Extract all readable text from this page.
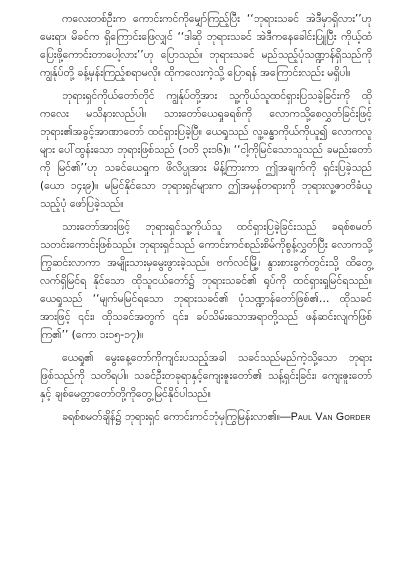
ကလေးတစ်ဦးက ကောင်းကင်ကိုမျှော်ကြည့်ပြီး ‘‘ဘုရားသခင် အဲဒီမှာရှိလား’’ဟု မေးရာ၊ မိခင်က ရှိကြောင်းဖြေလျှင် ‘‘ဒါဆို ဘုရားသခင် အဲဒီကနေခေါင်းပြူပြီး ကိုယ့်ထံပြေးဖို့ကောင်းတာပေါ့လား’’ဟု ပြောသည်။ ဘုရားသခင် မည်သည့်ပုံသဏ္ဍာန်ရှိသည်ကို ကျွန်ုပ်တို့ ခန့်မှန်းကြည့်စရာမလို။ ထိုကလေးကဲ့သို့ ပြောရန် အကြောင်းလည်း မရှိပါ။

ဘုရားရှင်ကိုယ်တော်တိုင် ကျွန်ုပ်တို့အား သူ့ကိုယ်သူထင်ရှားပြသခဲ့ခြင်းကို ထိုကလေး မသိနားလည်ပါ။ သားတော်ယေရှုခရစ်ကို လောကသို့စေလွှတ်ခြင်းဖြင့် ဘုရား၏အခွင့်အာဏာတော် ထင်ရှားပြခဲ့ပြီ။ ယေရှုသည် လူ့ခန္ဓာကိုယ်ကိုယူ၍ လောကလူများ ပေါ်ထွန်းသော ဘုရားဖြစ်သည် (၁တိ ၃း၁၆)။ ‘‘ငါ့ကိုမြင်သောသူသည် ခမည်းတော်ကို မြင်၏’’ဟု သခင်ယေရှုက ဖိလိပ္ပုအား မိန့်ကြားကာ ဤအချက်ကို ရှင်းပြခဲ့သည် (ယော ၁၄း၉)။ မမြင်နိုင်သော ဘုရားရှင်များက ဤအမှန်တရားကို ဘုရားလူ့ဇာတိခံယူသည့်ပုံ ဖော်ပြခဲ့သည်။

သားတော်အားဖြင့် ဘုရားရှင်သူ့ကိုယ်သူ ထင်ရှားပြခဲ့ခြင်းသည် ခရစ်စမတ်သတင်းကောင်းဖြစ်သည်။ ဘုရားရှင်သည် ကောင်းကင်စည်းစိမ်ကိုစွန့်လွှတ်ပြီး လောကသို့ကြွဆင်းလာကာ အမျိုးသားမှမွေးဖွားခဲ့သည်။ ဗက်လင်မြို့၊ နွားစားခွက်တွင်းသို့ ထိတွေ့လက်ရှိမြင်ရ နိုင်သော ထိုသူငယ်တော်၌ ဘုရားသခင်၏ ရုပ်ကို ထင်ရှားရှုမြင်ရသည်။ ယေရှုသည် ‘‘မျက်မမြင်ရသော ဘုရားသခင်၏ ပုံသဏ္ဍာန်တော်ဖြစ်၏… ထိုသခင်အားဖြင့် ၎င်း၊ ထိုသခင်အတွက် ၎င်း၊ ခပ်သိမ်းသောအရာတို့သည် ဖန်ဆင်းလျက်ဖြစ်ကြ၏’’ (ကော ၁း၁၅-၁၇)။

ယေရှု၏ မွေးနေ့တော်ကိုကျင်းပသည့်အခါ သခင်သည်မည်ကဲ့သို့သော ဘုရားဖြစ်သည်ကို သတိရပါ။ သခင်ဦးတခုရာနှင့်ကျေးဇူးတော်၏ သန့်ရှင်းခြင်း၊ ကျေးဇူးတော်နှင့် ချစ်မေတ္တာတော်တို့ကိုတွေ့မြင်နိုင်ပါသည်။

ခရစ်စမတ်ချိန်၌ ဘုရားရှင် ကောင်းကင်ဘုံမှကြွမြန်းလာ၏။—Paul Van Gorder
